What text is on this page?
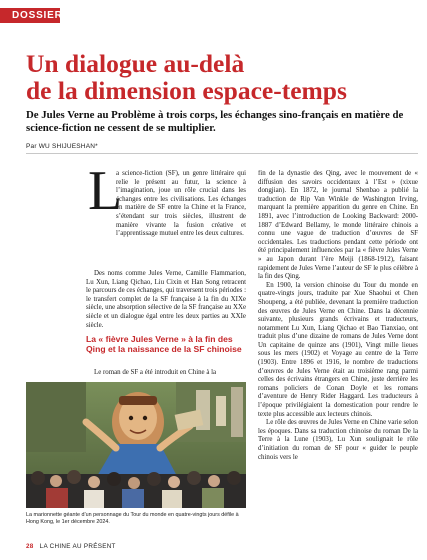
DOSSIER
Un dialogue au-delà
de la dimension espace-temps

De Jules Verne au Problème à trois corps, les échanges sino-français en matière de science-fiction ne cessent de se multiplier.

Par WU SHIJUESHAN*
L

a science-fiction (SF), un genre littéraire qui relie le présent au futur, la science à l’imagination, joue un rôle crucial dans les échanges entre les civilisations. Les échanges en matière de SF entre la Chine et la France, s’étendant sur trois siècles, illustrent de manière vivante la fusion créative et l’apprentissage mutuel entre les deux cultures.

Des noms comme Jules Verne, Camille Flammarion, Lu Xun, Liang Qichao, Liu Cixin et Han Song retracent le parcours de ces échanges, qui traversent trois périodes : le transfert complet de la SF française à la fin du XIXe siècle, une absorption sélective de la SF française au XXe siècle et un dialogue égal entre les deux parties au XXIe siècle.

La « fièvre Jules Verne » à la fin des Qing et la naissance de la SF chinoise

Le roman de SF a été introduit en Chine à la

La marionnette géante d’un personnage du Tour du monde en quatre-vingts jours défile à Hong Kong, le 1er décembre 2024.

fin de la dynastie des Qing, avec le mouvement de « diffusion des savoirs occidentaux à l’Est » (xixue dongjian). En 1872, le journal Shenbao a publié la traduction de Rip Van Winkle de Washington Irving, marquant la première apparition du genre en Chine. En 1891, avec l’introduction de Looking Backward: 2000-1887 d’Edward Bellamy, le monde littéraire chinois a connu une vague de traduction d’œuvres de SF occidentales. Les traductions pendant cette période ont été principalement influencées par la « fièvre Jules Verne » au Japon durant l’ère Meiji (1868-1912), faisant rapidement de Jules Verne l’auteur de SF le plus célèbre à la fin des Qing.

En 1900, la version chinoise du Tour du monde en quatre-vingts jours, traduite par Xue Shaohui et Chen Shoupeng, a été publiée, devenant la première traduction des œuvres de Jules Verne en Chine. Dans la décennie suivante, plusieurs grands écrivains et traducteurs, notamment Lu Xun, Liang Qichao et Bao Tianxiao, ont traduit plus d’une dizaine de romans de Jules Verne dont Un capitaine de quinze ans (1901), Vingt mille lieues sous les mers (1902) et Voyage au centre de la Terre (1903). Entre 1896 et 1916, le nombre de traductions d’œuvres de Jules Verne était au troisième rang parmi celles des écrivains étrangers en Chine, juste derrière les romans policiers de Conan Doyle et les romans d’aventure de Henry Rider Haggard. Les traducteurs à l’époque privilégiaient la domestication pour rendre le texte plus accessible aux lecteurs chinois.

Le rôle des œuvres de Jules Verne en Chine varie selon les époques. Dans sa traduction chinoise du roman De la Terre à la Lune (1903), Lu Xun soulignait le rôle d’initiation du roman de SF pour « guider le peuple chinois vers le

28 LA CHINE AU PRÉSENT
